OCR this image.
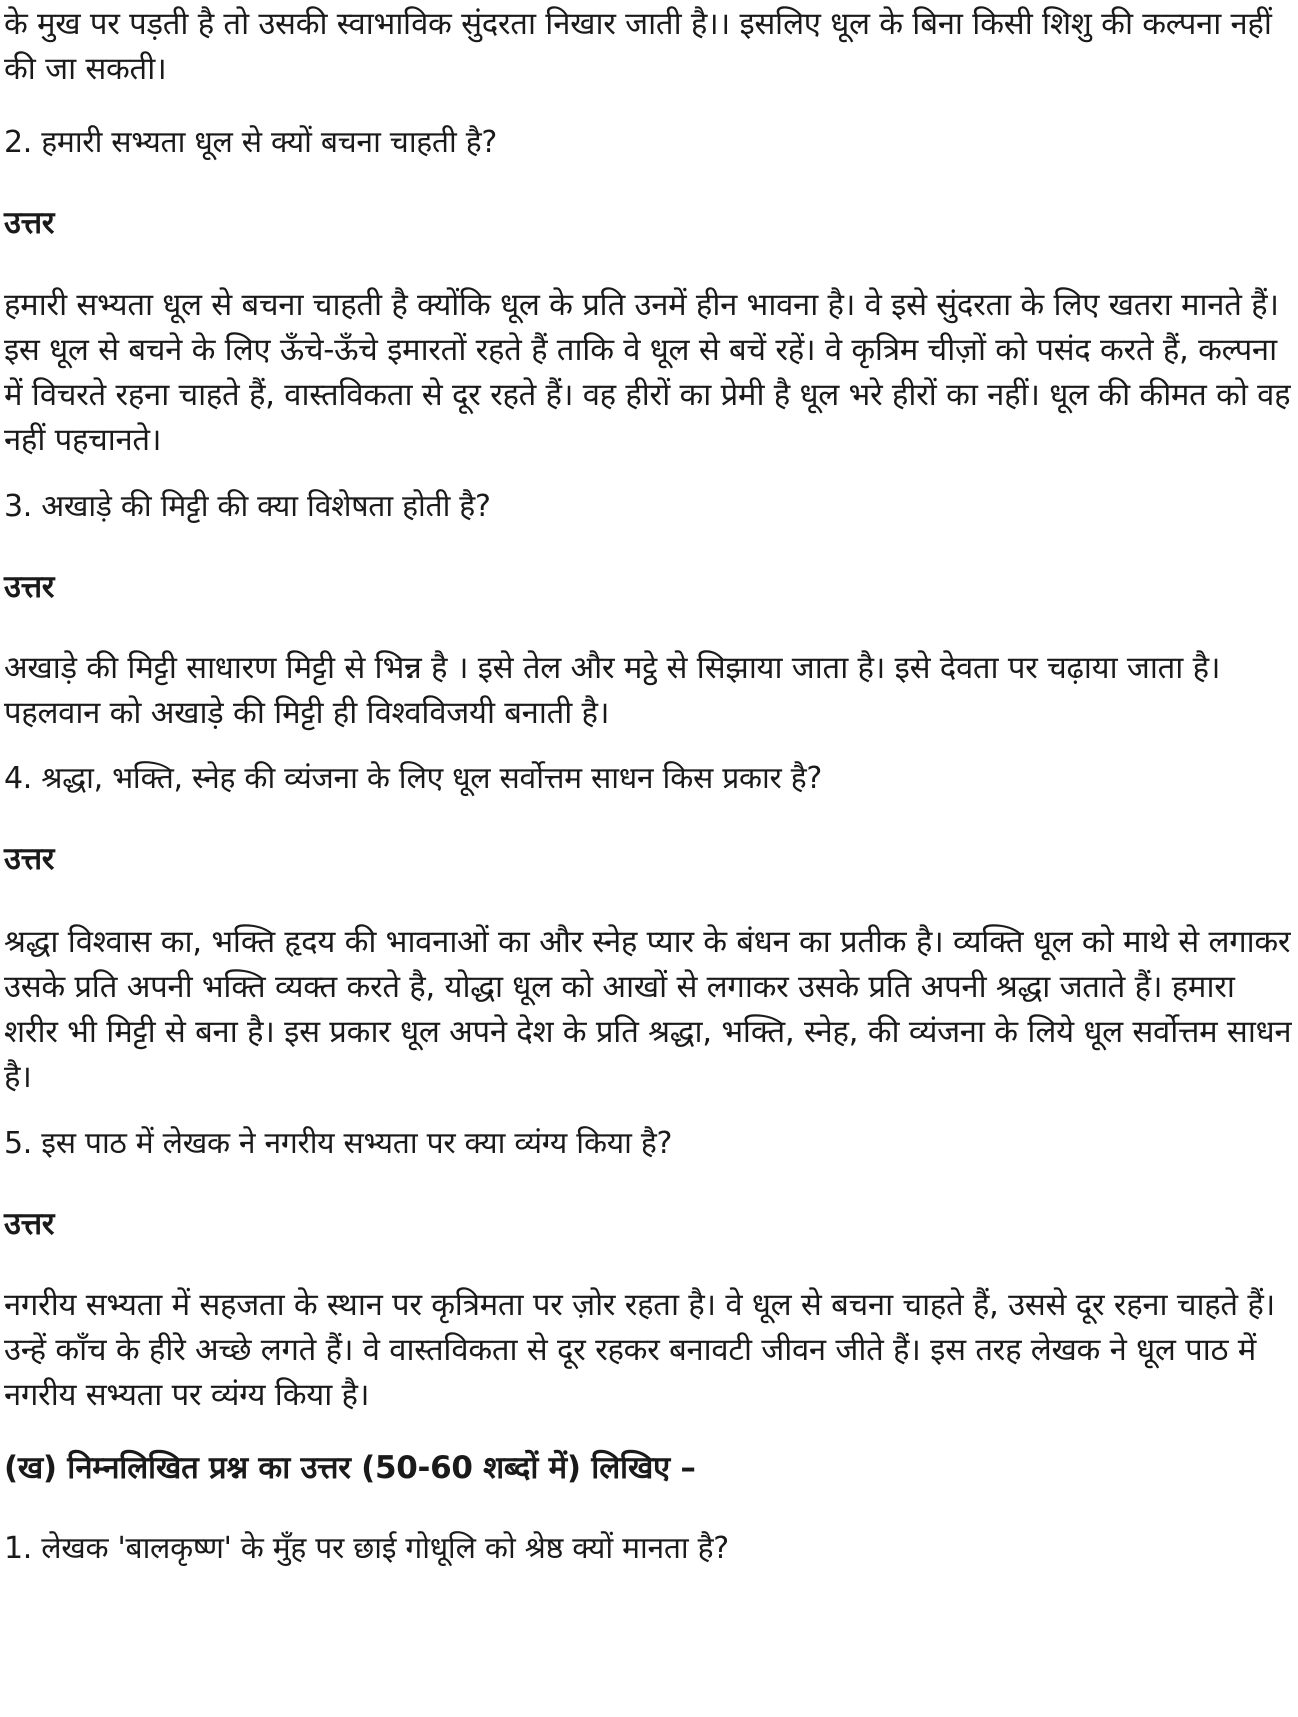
के मुख पर पड़ती है तो उसकी स्वाभाविक सुंदरता निखार जाती है।। इसलिए धूल के बिना किसी शिशु की कल्पना नहीं की जा सकती।

2. हमारी सभ्यता धूल से क्यों बचना चाहती है?

उत्तर

हमारी सभ्यता धूल से बचना चाहती है क्योंकि धूल के प्रति उनमें हीन भावना है। वे इसे सुंदरता के लिए खतरा मानते हैं। इस धूल से बचने के लिए ऊँचे-ऊँचे इमारतों रहते हैं ताकि वे धूल से बचें रहें। वे कृत्रिम चीज़ों को पसंद करते हैं, कल्पना में विचरते रहना चाहते हैं, वास्तविकता से दूर रहते हैं। वह हीरों का प्रेमी है धूल भरे हीरों का नहीं। धूल की कीमत को वह नहीं पहचानते।

3. अखाड़े की मिट्टी की क्या विशेषता होती है?

उत्तर

अखाड़े की मिट्टी साधारण मिट्टी से भिन्न है । इसे तेल और मट्ठे से सिझाया जाता है। इसे देवता पर चढ़ाया जाता है। पहलवान को अखाड़े की मिट्टी ही विश्वविजयी बनाती है।

4. श्रद्धा, भक्ति, स्नेह की व्यंजना के लिए धूल सर्वोत्तम साधन किस प्रकार है?

उत्तर

श्रद्धा विश्वास का, भक्ति हृदय की भावनाओं का और स्नेह प्यार के बंधन का प्रतीक है। व्यक्ति धूल को माथे से लगाकर उसके प्रति अपनी भक्ति व्यक्त करते है, योद्धा धूल को आखों से लगाकर उसके प्रति अपनी श्रद्धा जताते हैं। हमारा शरीर भी मिट्टी से बना है। इस प्रकार धूल अपने देश के प्रति श्रद्धा, भक्ति, स्नेह, की व्यंजना के लिये धूल सर्वोत्तम साधन है।

5. इस पाठ में लेखक ने नगरीय सभ्यता पर क्या व्यंग्य किया है?

उत्तर

नगरीय सभ्यता में सहजता के स्थान पर कृत्रिमता पर ज़ोर रहता है। वे धूल से बचना चाहते हैं, उससे दूर रहना चाहते हैं। उन्हें काँच के हीरे अच्छे लगते हैं। वे वास्तविकता से दूर रहकर बनावटी जीवन जीते हैं। इस तरह लेखक ने धूल पाठ में नगरीय सभ्यता पर व्यंग्य किया है।

(ख) निम्नलिखित प्रश्न का उत्तर (50-60 शब्दों में) लिखिए –

1. लेखक 'बालकृष्ण' के मुँह पर छाई गोधूलि को श्रेष्ठ क्यों मानता है?
